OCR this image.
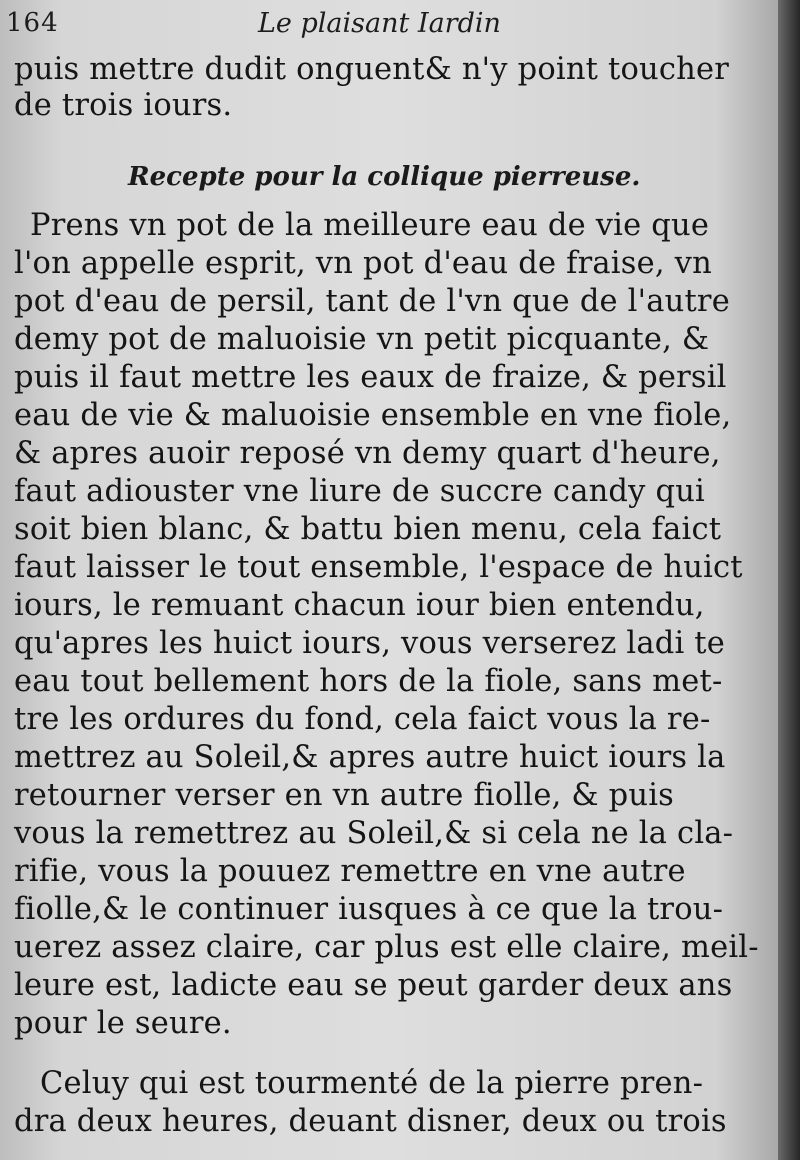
164	Le plaisant Iardin
puis mettre dudit onguent& n'y point toucher
de trois iours.
Recepte pour la collique pierreuse.
Prens vn pot de la meilleure eau de vie que
l'on appelle esprit, vn pot d'eau de fraise, vn
pot d'eau de persil, tant de l'vn que de l'autre
demy pot de maluoisie vn petit picquante, &
puis il faut mettre les eaux de fraize, & persil
eau de vie & maluoisie ensemble en vne fiole,
& apres auoir reposé vn demy quart d'heure,
faut adiouster vne liure de succre candy qui
soit bien blanc, & battu bien menu, cela faict
faut laisser le tout ensemble, l'espace de huict
iours, le remuant chacun iour bien entendu,
qu'apres les huict iours, vous verserez ladi te
eau tout bellement hors de la fiole, sans met-
tre les ordures du fond, cela faict vous la re-
mettrez au Soleil,& apres autre huict iours la
retourner verser en vn autre fiolle, & puis
vous la remettrez au Soleil,& si cela ne la cla-
rifie, vous la pouuez remettre en vne autre
fiolle,& le continuer iusques à ce que la trou-
uerez assez claire, car plus est elle claire, meil-
leure est, ladicte eau se peut garder deux ans
pour le seure.
Celuy qui est tourmenté de la pierre pren-
dra deux heures, deuant disner, deux ou trois
